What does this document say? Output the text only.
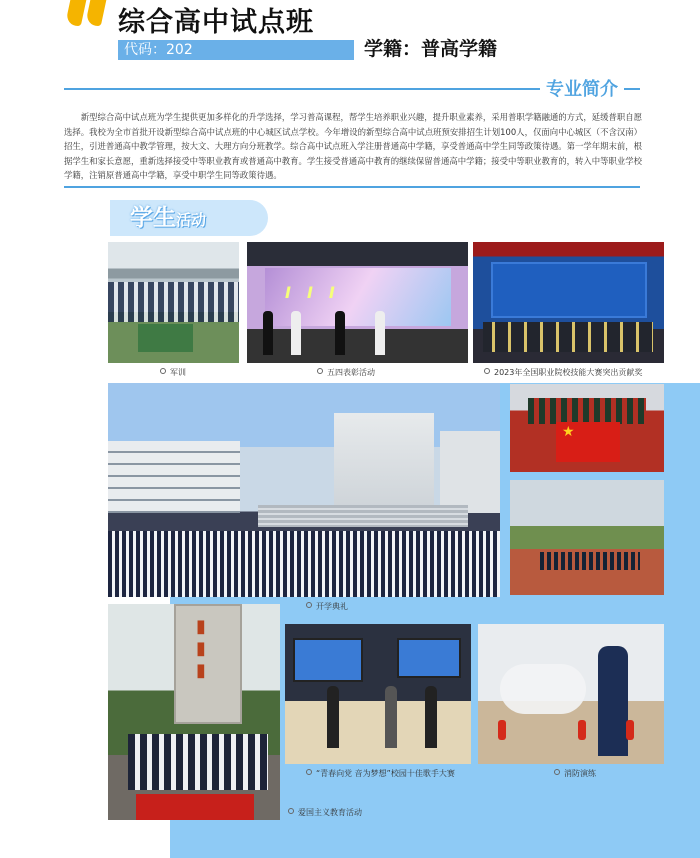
综合高中试点班
代码：202	学籍：普高学籍
专业简介

新型综合高中试点班为学生提供更加多样化的升学选择，学习普高课程，帮学生培养职业兴趣，提升职业素养，采用普职学籍融通的方式，延缓普职自愿选择。我校为全市首批开设新型综合高中试点班的中心城区试点学校。今年增设的新型综合高中试点班预安排招生计划100人，仅面向中心城区（不含汉南）招生，引进普通高中教学管理，按大文、大理方向分班教学。综合高中试点班入学注册普通高中学籍，享受普通高中学生同等政策待遇。第一学年期末前，根据学生和家长意愿，重新选择接受中等职业教育或普通高中教育。学生接受普通高中教育的继续保留普通高中学籍；接受中等职业教育的，转入中等职业学校学籍，注销原普通高中学籍，享受中职学生同等政策待遇。

学生活动
军训
Ⅰ　Ⅰ　Ⅰ
五四表彰活动	2023年全国职业院校技能大赛突出贡献奖
★
开学典礼
▮
▮
▮
爱国主义教育活动
“青春向党 音为梦想”校园十佳歌手大赛	消防演练
